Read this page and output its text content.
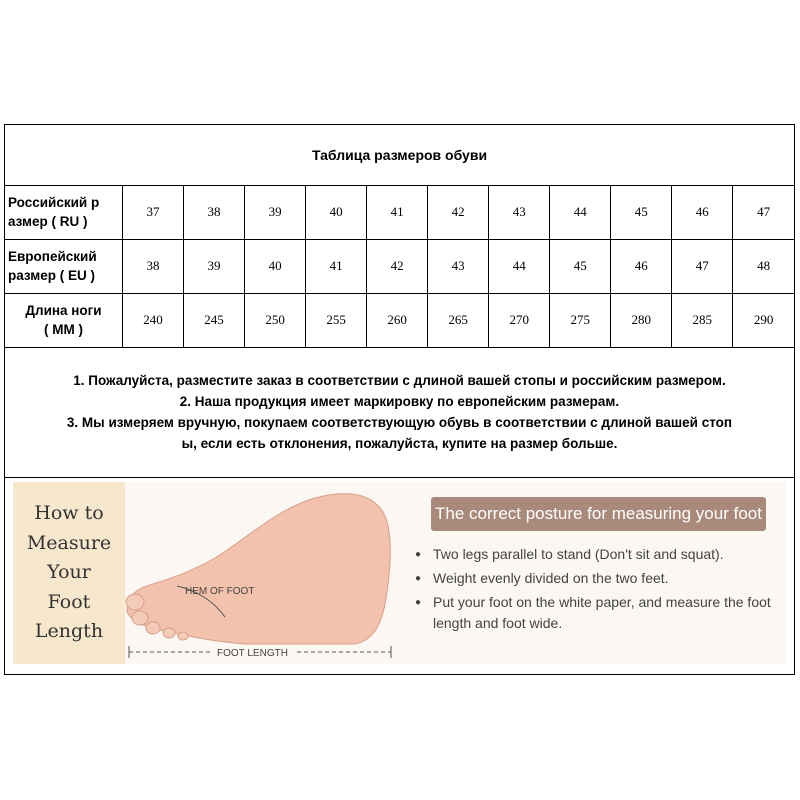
Таблица размеров обуви
Российский р
азмер ( RU )	37	38	39	40	41	42	43	44	45	46	47

Европейский
размер ( EU )	38	39	40	41	42	43	44	45	46	47	48

Длина ноги
( MM )	240	245	250	255	260	265	270	275	280	285	290
1. Пожалуйста, разместите заказ в соответствии с длиной вашей стопы и российским размером.
2. Наша продукция имеет маркировку по европейским размерам.
3. Мы измеряем вручную, покупаем соответствующую обувь в соответствии с длиной вашей стоп
ы, если есть отклонения, пожалуйста, купите на размер больше.
How to
Measure
Your
Foot
Length
HEM OF FOOT
FOOT LENGTH
The correct posture for measuring your foot
● Two legs parallel to stand (Don't sit and squat).
● Weight evenly divided on the two feet.
● Put your foot on the white paper, and measure the foot length and foot wide.
